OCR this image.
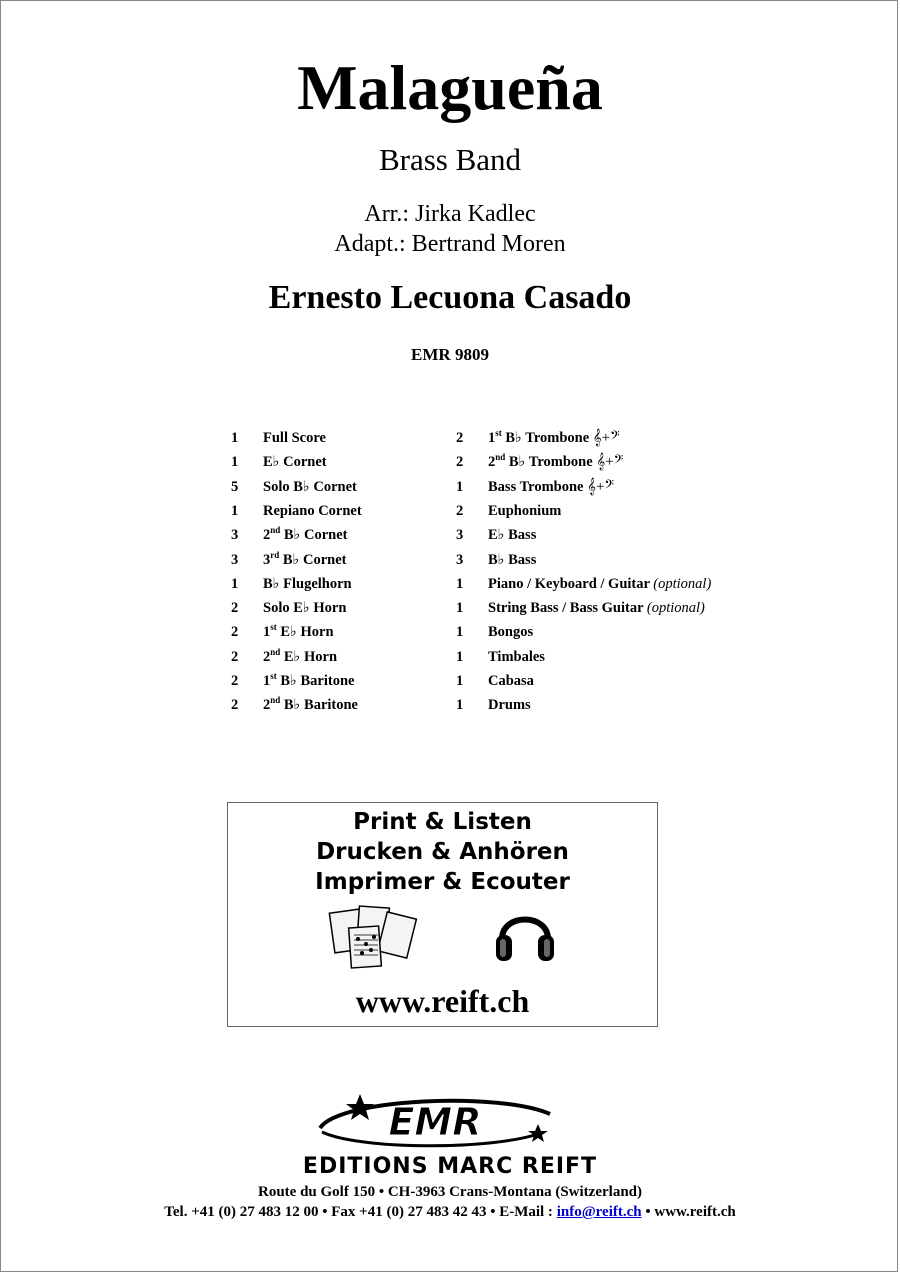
Malagueña
Brass Band
Arr.: Jirka Kadlec
Adapt.: Bertrand Moren
Ernesto Lecuona Casado
EMR 9809
1	Full Score
1	E♭ Cornet
5	Solo B♭ Cornet
1	Repiano Cornet
3	2nd B♭ Cornet
3	3rd B♭ Cornet
1	B♭ Flugelhorn
2	Solo E♭ Horn
2	1st E♭ Horn
2	2nd E♭ Horn
2	1st B♭ Baritone
2	2nd B♭ Baritone
2	1st B♭ Trombone 𝄞+𝄢
2	2nd B♭ Trombone 𝄞+𝄢
1	Bass Trombone 𝄞+𝄢
2	Euphonium
3	E♭ Bass
3	B♭ Bass
1	Piano / Keyboard / Guitar (optional)
1	String Bass / Bass Guitar (optional)
1	Bongos
1	Timbales
1	Cabasa
1	Drums
Print & Listen
Drucken & Anhören
Imprimer & Ecouter
www.reift.ch
EMR
EDITIONS MARC REIFT
Route du Golf 150 • CH-3963 Crans-Montana (Switzerland)
Tel. +41 (0) 27 483 12 00 • Fax +41 (0) 27 483 42 43 • E-Mail : info@reift.ch • www.reift.ch
